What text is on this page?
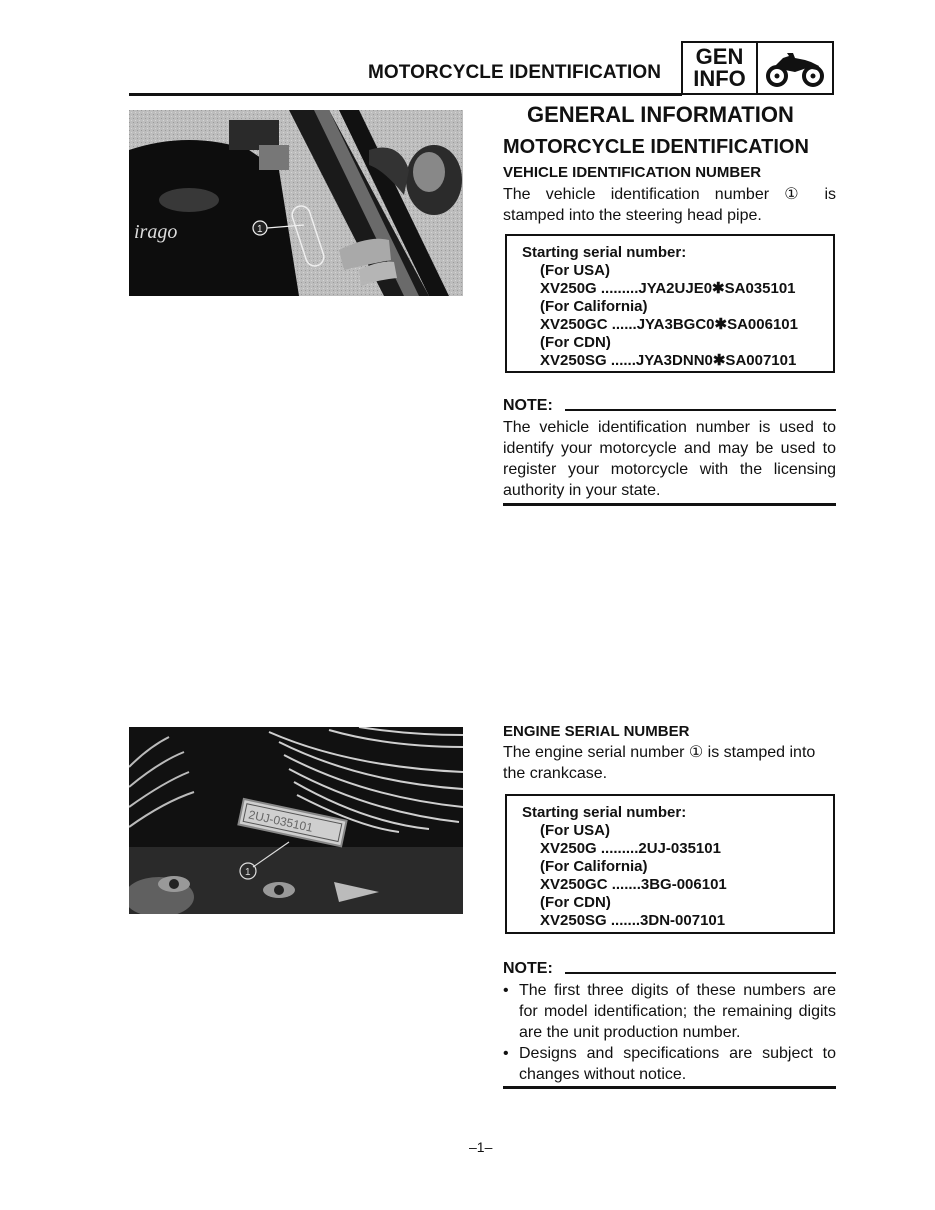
MOTORCYCLE IDENTIFICATION
GEN
INFO
irago	1
GENERAL INFORMATION
MOTORCYCLE IDENTIFICATION
VEHICLE IDENTIFICATION NUMBER
The vehicle identification number ① is stamped into the steering head pipe.
Starting serial number:
(For USA)
XV250G .........JYA2UJE0✱SA035101
(For California)
XV250GC ......JYA3BGC0✱SA006101
(For CDN)
XV250SG ......JYA3DNN0✱SA007101
NOTE:
The vehicle identification number is used to identify your motorcycle and may be used to register your motorcycle with the licensing authority in your state.
2UJ-035101
1
ENGINE SERIAL NUMBER
The engine serial number ① is stamped into the crankcase.
Starting serial number:
(For USA)
XV250G .........2UJ-035101
(For California)
XV250GC .......3BG-006101
(For CDN)
XV250SG .......3DN-007101
NOTE:
• The first three digits of these numbers are for model identification; the remaining digits are the unit production number.
• Designs and specifications are subject to changes without notice.
–1–
